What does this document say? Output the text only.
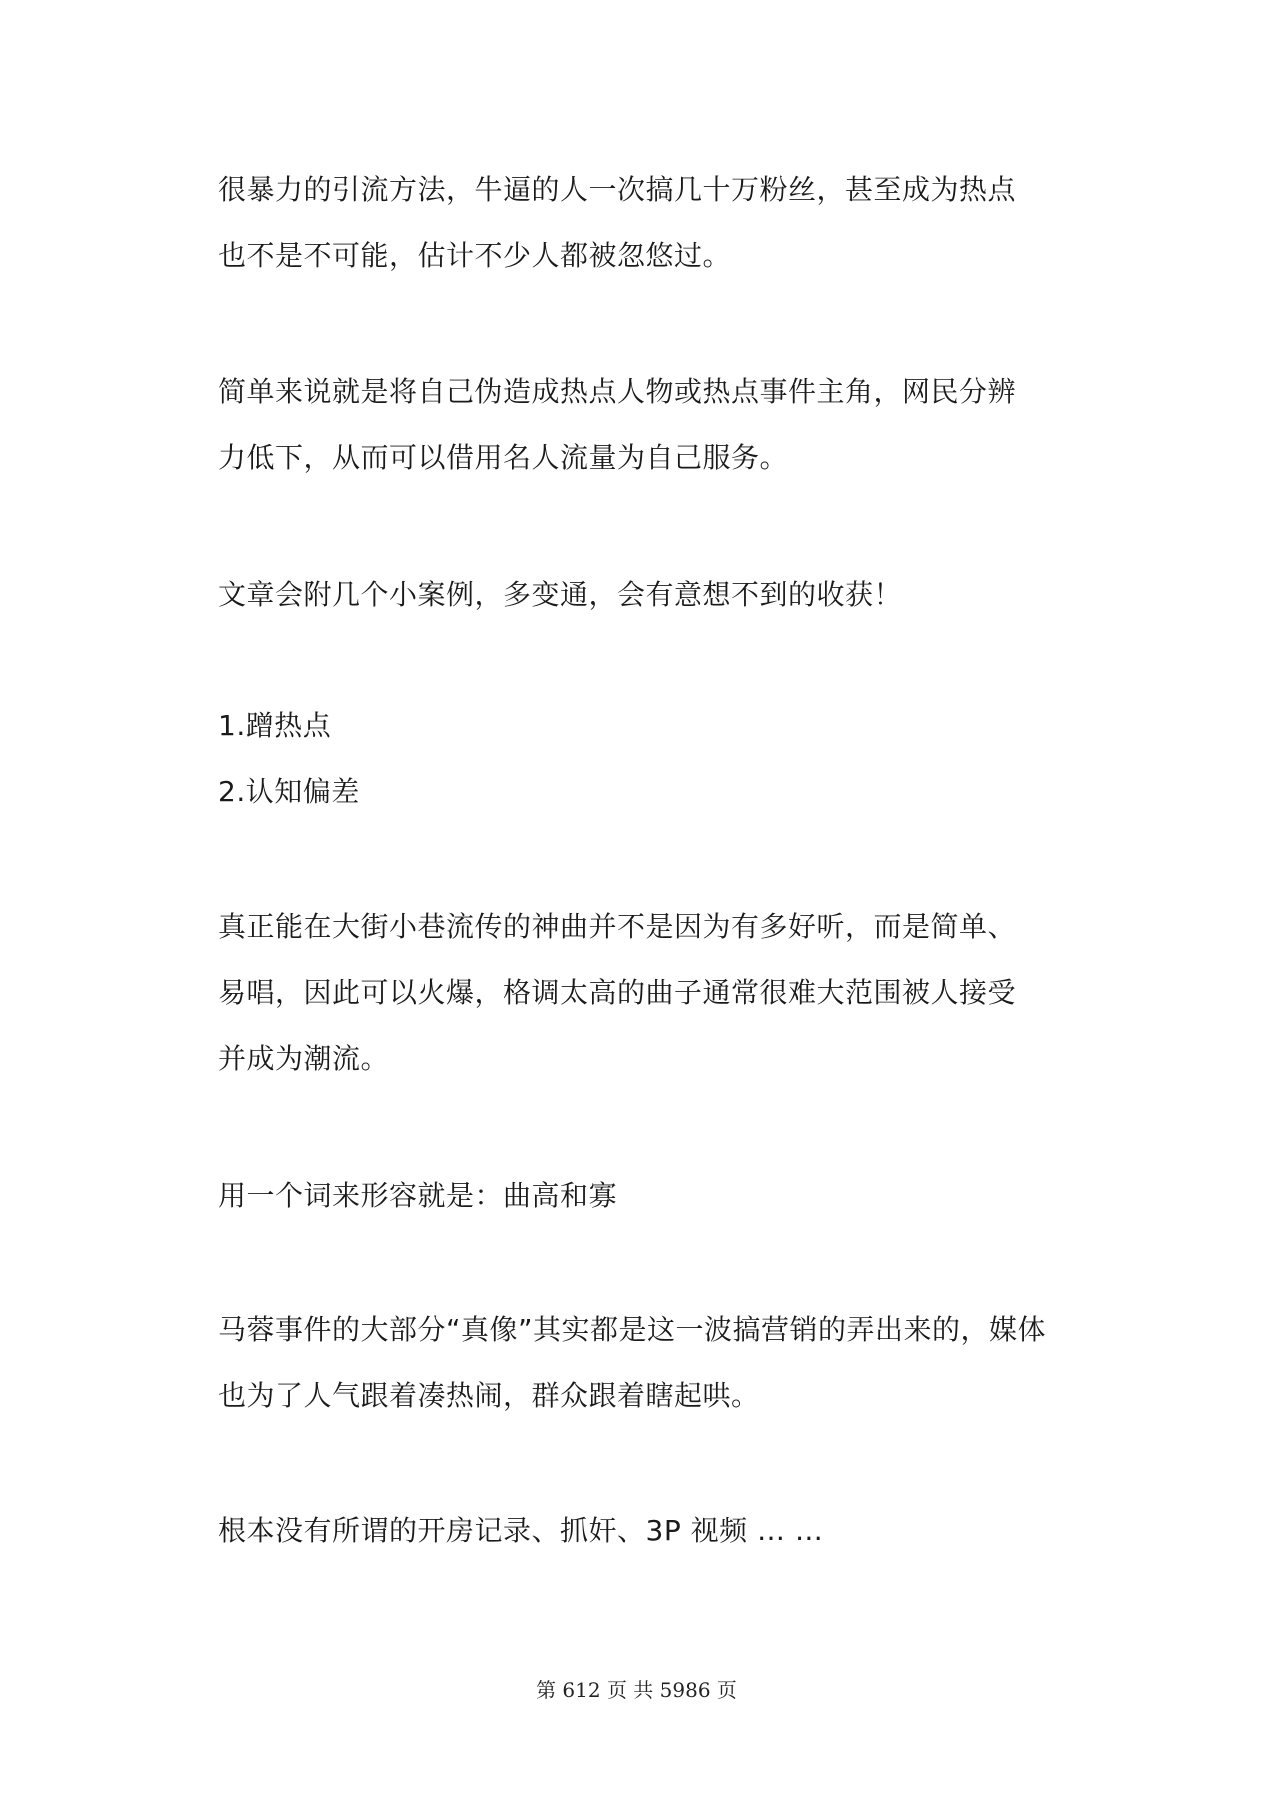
很暴力的引流方法，牛逼的人一次搞几十万粉丝，甚至成为热点
也不是不可能，估计不少人都被忽悠过。
简单来说就是将自己伪造成热点人物或热点事件主角，网民分辨
力低下，从而可以借用名人流量为自己服务。
文章会附几个小案例，多变通，会有意想不到的收获！
1.蹭热点
2.认知偏差
真正能在大街小巷流传的神曲并不是因为有多好听，而是简单、
易唱，因此可以火爆，格调太高的曲子通常很难大范围被人接受
并成为潮流。
用一个词来形容就是：曲高和寡
马蓉事件的大部分“真像”其实都是这一波搞营销的弄出来的，媒体
也为了人气跟着凑热闹，群众跟着瞎起哄。
根本没有所谓的开房记录、抓奸、3P 视频 … …
第 612 页 共 5986 页
